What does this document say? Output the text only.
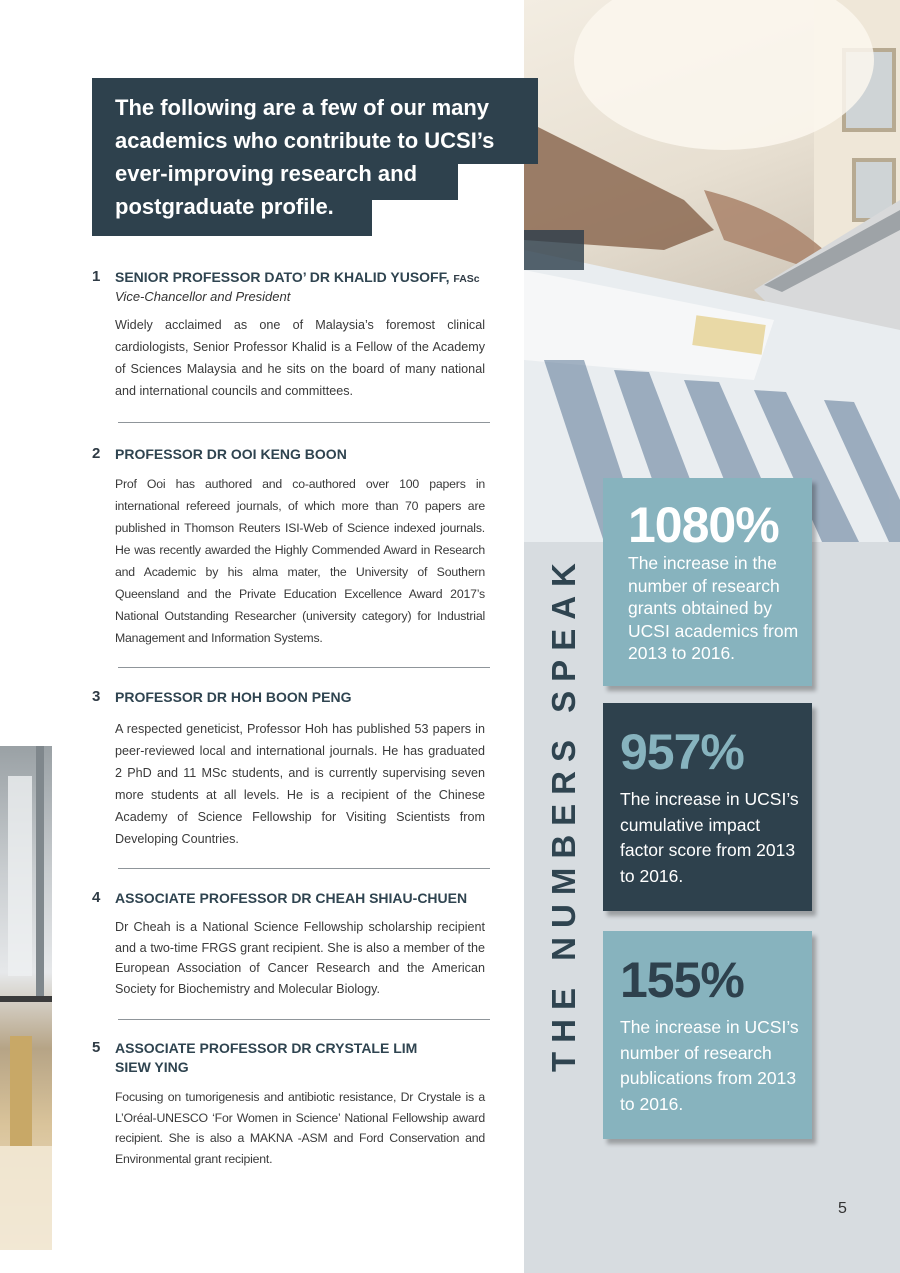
THE NUMBERS SPEAK
1080%
The increase in the number of research grants obtained by UCSI academics from 2013 to 2016.
957%
The increase in UCSI’s cumulative impact factor score from 2013 to 2016.
155%
The increase in UCSI’s number of research publications from 2013 to 2016.
5
The following are a few of our many academics who contribute to UCSI’s ever-improving research and postgraduate profile.
1 SENIOR PROFESSOR DATO’ DR KHALID YUSOFF, FASc
Vice-Chancellor and President
Widely acclaimed as one of Malaysia’s foremost clinical cardiologists, Senior Professor Khalid is a Fellow of the Academy of Sciences Malaysia and he sits on the board of many national and international councils and committees.
2 PROFESSOR DR OOI KENG BOON
Prof Ooi has authored and co-authored over 100 papers in international refereed journals, of which more than 70 papers are published in Thomson Reuters ISI-Web of Science indexed journals. He was recently awarded the Highly Commended Award in Research and Academic by his alma mater, the University of Southern Queensland and the Private Education Excellence Award 2017’s National Outstanding Researcher (university category) for Industrial Management and Information Systems.
3 PROFESSOR DR HOH BOON PENG
A respected geneticist, Professor Hoh has published 53 papers in peer-reviewed local and international journals. He has graduated 2 PhD and 11 MSc students, and is currently supervising seven more students at all levels. He is a recipient of the Chinese Academy of Science Fellowship for Visiting Scientists from Developing Countries.
4 ASSOCIATE PROFESSOR DR CHEAH SHIAU-CHUEN
Dr Cheah is a National Science Fellowship scholarship recipient and a two-time FRGS grant recipient. She is also a member of the European Association of Cancer Research and the American Society for Biochemistry and Molecular Biology.
5 ASSOCIATE PROFESSOR DR CRYSTALE LIM SIEW YING
Focusing on tumorigenesis and antibiotic resistance, Dr Crystale is a L’Oréal-UNESCO ‘For Women in Science’ National Fellowship award recipient. She is also a MAKNA -ASM and Ford Conservation and Environmental grant recipient.
